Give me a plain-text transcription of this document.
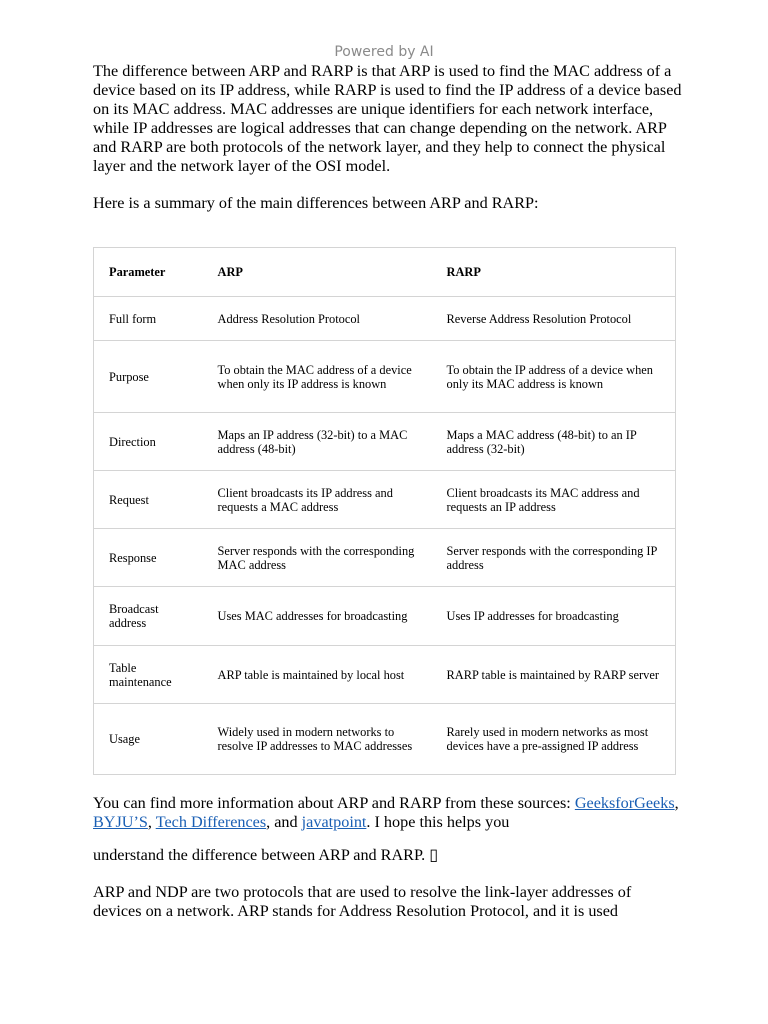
Powered by AI

The difference between ARP and RARP is that ARP is used to find the MAC address of a device based on its IP address, while RARP is used to find the IP address of a device based on its MAC address. MAC addresses are unique identifiers for each network interface, while IP addresses are logical addresses that can change depending on the network. ARP and RARP are both protocols of the network layer, and they help to connect the physical layer and the network layer of the OSI model.

Here is a summary of the main differences between ARP and RARP:

Parameter	ARP	RARP
Full form	Address Resolution Protocol	Reverse Address Resolution Protocol
Purpose	To obtain the MAC address of a device when only its IP address is known	To obtain the IP address of a device when only its MAC address is known
Direction	Maps an IP address (32-bit) to a MAC address (48-bit)	Maps a MAC address (48-bit) to an IP address (32-bit)
Request	Client broadcasts its IP address and requests a MAC address	Client broadcasts its MAC address and requests an IP address
Response	Server responds with the corresponding MAC address	Server responds with the corresponding IP address
Broadcast address	Uses MAC addresses for broadcasting	Uses IP addresses for broadcasting
Table maintenance	ARP table is maintained by local host	RARP table is maintained by RARP server
Usage	Widely used in modern networks to resolve IP addresses to MAC addresses	Rarely used in modern networks as most devices have a pre-assigned IP address

You can find more information about ARP and RARP from these sources: GeeksforGeeks, BYJU’S, Tech Differences, and javatpoint. I hope this helps you

understand the difference between ARP and RARP. ▯

ARP and NDP are two protocols that are used to resolve the link-layer addresses of devices on a network. ARP stands for Address Resolution Protocol, and it is used
